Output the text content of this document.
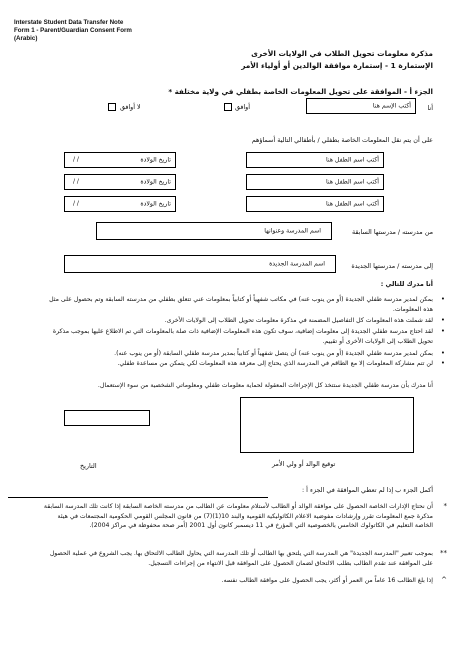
Interstate Student Data Transfer Note
Form 1 - Parent/Guardian Consent Form
(Arabic)
مذكرة معلومات تحويل الطلاب في الولايات الأخرى
الإستمارة 1 - إستمارة موافقة الوالدين أو أولياء الأمر
الجزء أ - الموافقة على تحويل المعلومات الخاصة بطفلي في ولاية مختلفة *
أنا
أكتب الإسم هنا
أوافق
لا أوافق
على أن يتم نقل المعلومات الخاصة بطفلي / بأطفالي التالية أسماؤهم
أكتب اسم الطفل هنا
تاريخ الولادة
/ /
أكتب اسم الطفل هنا
تاريخ الولادة
/ /
أكتب اسم الطفل هنا
تاريخ الولادة
/ /
من مدرسته / مدرستها السابقة
اسم المدرسة وعنوانها
إلى مدرسته / مدرستها الجديدة
اسم المدرسة الجديدة
أنا مدرك للتالي :
•
بمكن لمدير مدرسة طفلي الجديدة (أو من ينوب عنه) في مكاتب شفهياً أو كتابياً بمعلومات عني تتعلق بطفلي من مدرسته السابقة وتم بحصول على مثل هذه المعلومات.
•
لقد شملت هذه المعلومات كل التفاصيل المضمنة في مذكرة معلومات تحويل الطلاب إلى الولايات الأخرى.
•
لقد احتاج مدرسة طفلي الجديدة إلى معلومات إضافية، سوف تكون هذه المعلومات الإضافية ذات صلة بالمعلومات التي تم الاطلاع عليها بموجب مذكرة تحويل الطلاب إلى الولايات الأخرى أو تقييم.
•
بمكن لمدير مدرسة طفلي الجديدة (أو من ينوب عنه) أن يتصل شفهياً أو كتابياً بمدير مدرسة طفلي السابقة (أو من ينوب عنه).
•
لن تتم مشاركة المعلومات إلا مع الطاقم في المدرسة الذي يحتاج إلى معرفة هذه المعلومات لكي يتمكن من مساعدة طفلي.
أنا مدرك بأن مدرسة طفلي الجديدة ستتخذ كل الإجراءات المعقولة لحماية معلومات طفلي ومعلوماتي الشخصية من سوء الإستعمال.
توقيع الوالد أو ولي الأمر
التاريخ
أكمل الجزء ب إذا لم تعطي الموافقة في الجزء أ :
*
أن نحتاج الإدارات الخاصة الحصول على موافقة الوالد أو الطالب لأستلام معلومات عن الطالب من مدرسته الخاصة السابقة إذا كانت تلك المدرسة السابقة مذكرة جمع المعلومات تقرر وإرشادات مفوضية الاعلام الكاثوليكية القومية والبند 10(1)(7) من قانون المجلس القومي الحكومية المجتمعات في هيئة الخاصة التعليم في الكاتولوك الخامس بالخصوصية التي المؤرخ في 11 ديسمبر كانون أول 2001 (أمر صحة محفوظة في مراكز 2004).
**
بموجب تعبير "المدرسة الجديدة" هي المدرسة التي يلتحق بها الطالب أو تلك المدرسة التي يحاول الطالب الالتحاق بها. يجب الشروع في عملية الحصول على الموافقة عند تقدم الطالب بطلب الالتحاق لضمان الحصول على الموافقة قبل الانتهاء من إجراءات التسجيل.
^
إذا بلغ الطالب 16 عاماً من العمر أو أكثر، يجب الحصول على موافقة الطالب نفسه.
